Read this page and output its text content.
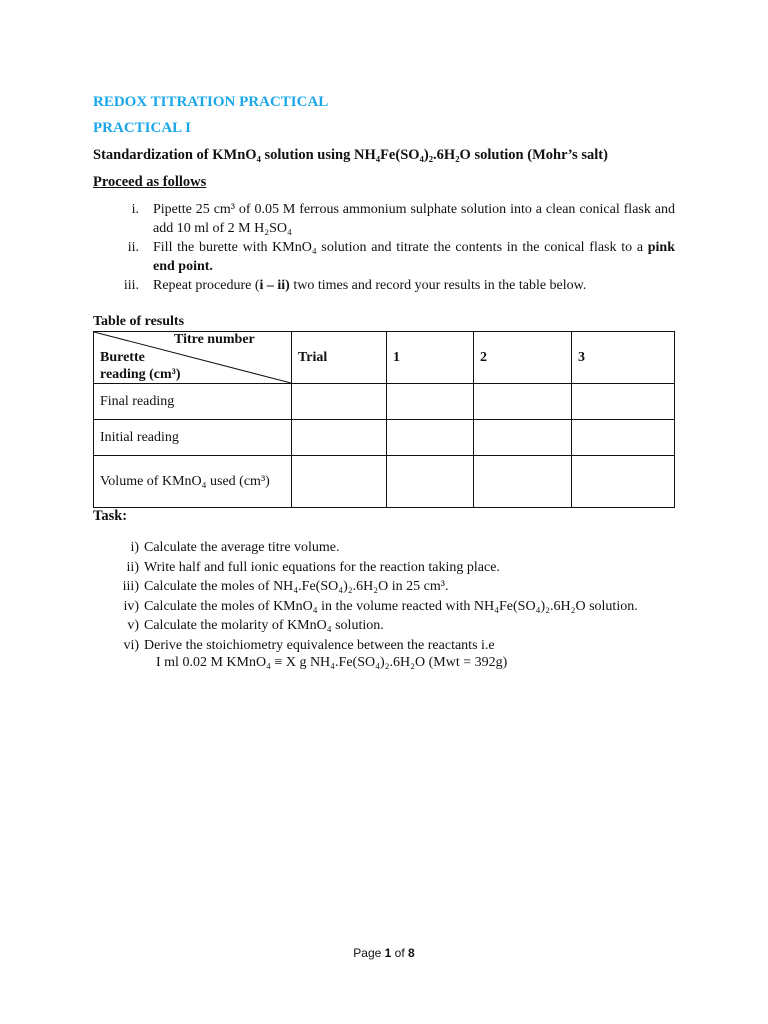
REDOX TITRATION PRACTICAL
PRACTICAL I
Standardization of KMnO₄ solution using NH₄Fe(SO₄)₂.6H₂O solution (Mohr’s salt)
Proceed as follows
i.	Pipette 25 cm³ of 0.05 M ferrous ammonium sulphate solution into a clean conical flask and add 10 ml of 2 M H₂SO₄
ii.	Fill the burette with KMnO₄ solution and titrate the contents in the conical flask to a pink end point.
iii.	Repeat procedure (i – ii) two times and record your results in the table below.
Table of results
Titre number
Burette
reading (cm³)	Trial	1	2	3
Final reading				
Initial reading				
Volume of KMnO₄ used (cm³)				
Task:
i) Calculate the average titre volume.
ii) Write half and full ionic equations for the reaction taking place.
iii) Calculate the moles of NH₄.Fe(SO₄)₂.6H₂O in 25 cm³.
iv) Calculate the moles of KMnO₄ in the volume reacted with NH₄Fe(SO₄)₂.6H₂O solution.
v) Calculate the molarity of KMnO₄ solution.
vi) Derive the stoichiometry equivalence between the reactants i.e
I ml 0.02 M KMnO₄ ≡ X g NH₄.Fe(SO₄)₂.6H₂O (Mwt = 392g)
Page 1 of 8
